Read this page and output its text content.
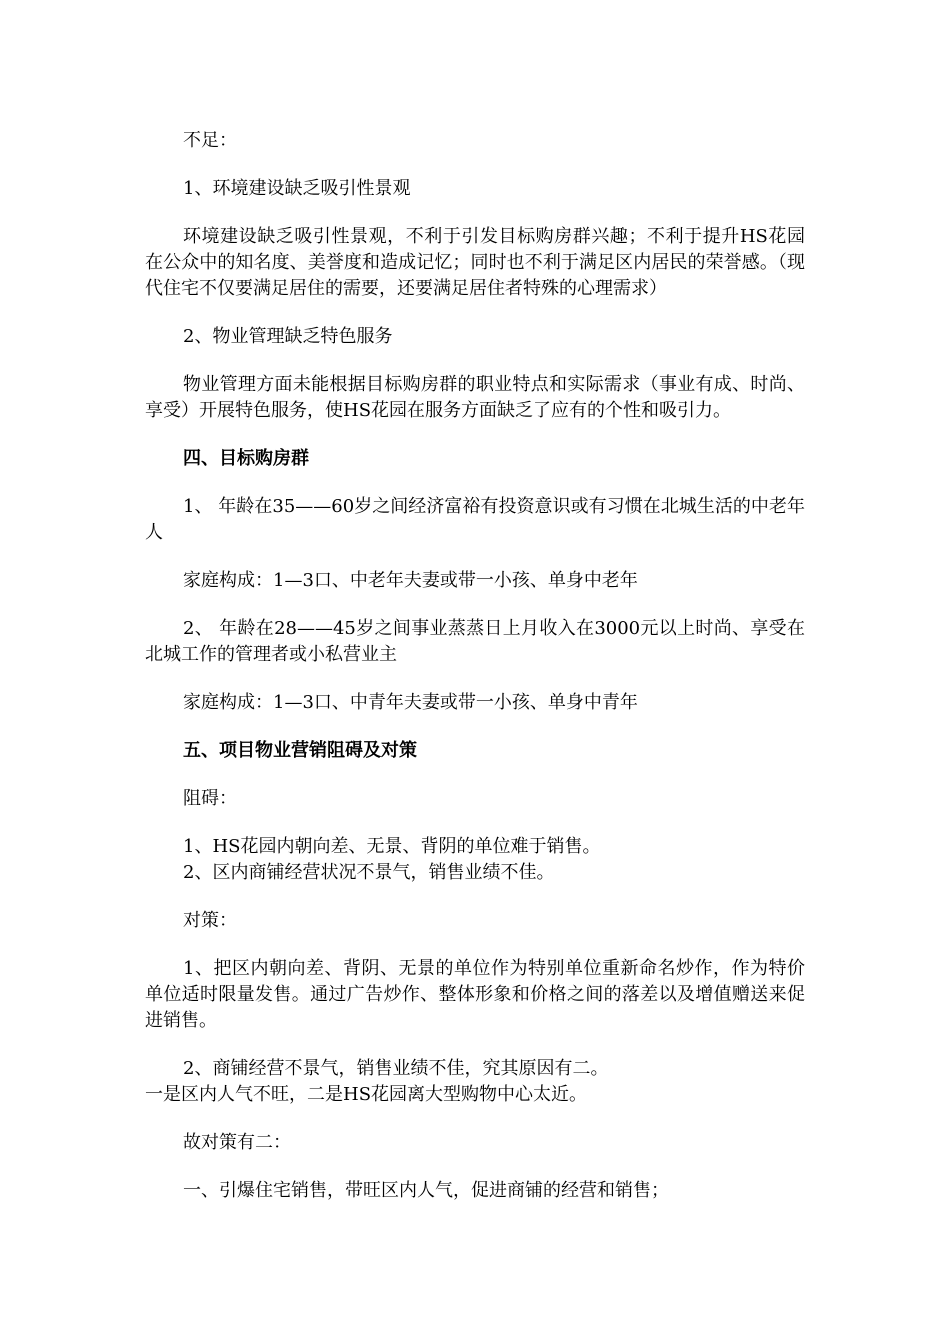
不足：

1、环境建设缺乏吸引性景观

环境建设缺乏吸引性景观，不利于引发目标购房群兴趣；不利于提升HS花园在公众中的知名度、美誉度和造成记忆；同时也不利于满足区内居民的荣誉感。（现代住宅不仅要满足居住的需要，还要满足居住者特殊的心理需求）

2、物业管理缺乏特色服务

物业管理方面未能根据目标购房群的职业特点和实际需求（事业有成、时尚、享受）开展特色服务，使HS花园在服务方面缺乏了应有的个性和吸引力。

四、目标购房群

1、 年龄在35——60岁之间经济富裕有投资意识或有习惯在北城生活的中老年人

家庭构成：1—3口、中老年夫妻或带一小孩、单身中老年

2、 年龄在28——45岁之间事业蒸蒸日上月收入在3000元以上时尚、享受在北城工作的管理者或小私营业主

家庭构成：1—3口、中青年夫妻或带一小孩、单身中青年

五、项目物业营销阻碍及对策

阻碍：

1、HS花园内朝向差、无景、背阴的单位难于销售。

2、区内商铺经营状况不景气，销售业绩不佳。

对策：

1、把区内朝向差、背阴、无景的单位作为特别单位重新命名炒作，作为特价单位适时限量发售。通过广告炒作、整体形象和价格之间的落差以及增值赠送来促进销售。

2、商铺经营不景气，销售业绩不佳，究其原因有二。

一是区内人气不旺，二是HS花园离大型购物中心太近。

故对策有二：

一、引爆住宅销售，带旺区内人气，促进商铺的经营和销售；
